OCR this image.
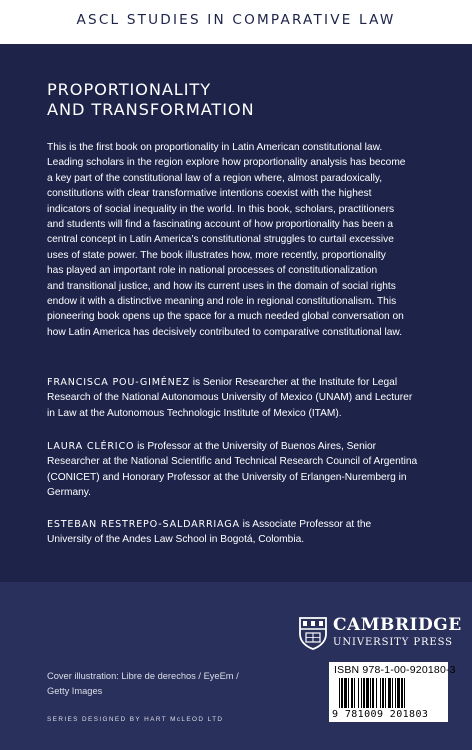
ASCL STUDIES IN COMPARATIVE LAW
PROPORTIONALITY
AND TRANSFORMATION
This is the first book on proportionality in Latin American constitutional law.
Leading scholars in the region explore how proportionality analysis has become
a key part of the constitutional law of a region where, almost paradoxically,
constitutions with clear transformative intentions coexist with the highest
indicators of social inequality in the world. In this book, scholars, practitioners
and students will find a fascinating account of how proportionality has been a
central concept in Latin America’s constitutional struggles to curtail excessive
uses of state power. The book illustrates how, more recently, proportionality
has played an important role in national processes of constitutionalization
and transitional justice, and how its current uses in the domain of social rights
endow it with a distinctive meaning and role in regional constitutionalism. This
pioneering book opens up the space for a much needed global conversation on
how Latin America has decisively contributed to comparative constitutional law.
FRANCISCA POU-GIMÉNEZ is Senior Researcher at the Institute for Legal
Research of the National Autonomous University of Mexico (UNAM) and Lecturer
in Law at the Autonomous Technologic Institute of Mexico (ITAM).
LAURA CLÉRICO is Professor at the University of Buenos Aires, Senior
Researcher at the National Scientific and Technical Research Council of Argentina
(CONICET) and Honorary Professor at the University of Erlangen-Nuremberg in
Germany.
ESTEBAN RESTREPO-SALDARRIAGA is Associate Professor at the
University of the Andes Law School in Bogotá, Colombia.
CAMBRIDGE
UNIVERSITY PRESS
Cover illustration: Libre de derechos / EyeEm /
Getty Images
SERIES DESIGNED BY HART McLEOD LTD
ISBN 978-1-00-920180-3
9 781009 201803
